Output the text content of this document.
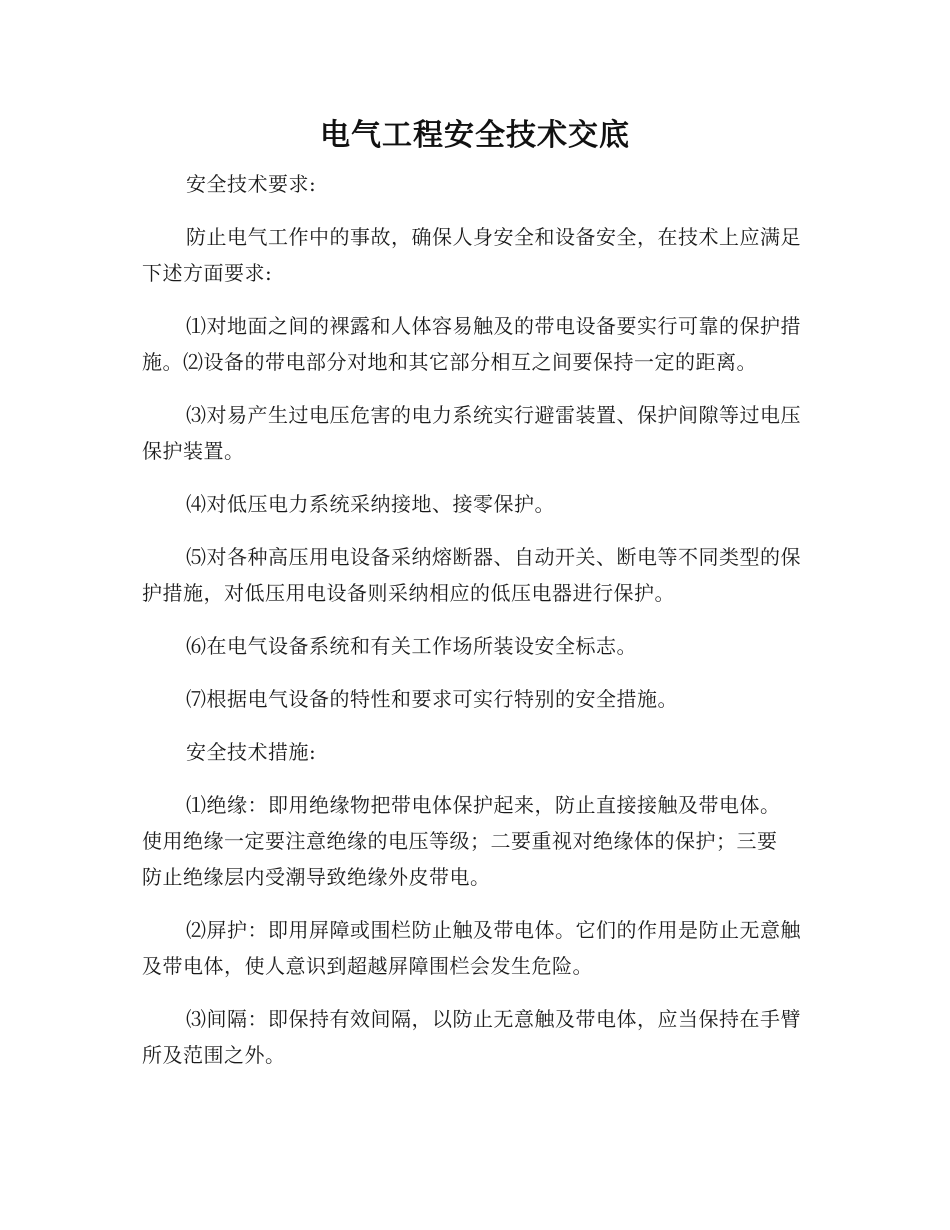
电气工程安全技术交底

安全技术要求:

防止电气工作中的事故，确保人身安全和设备安全，在技术上应满足下述方面要求:

⑴对地面之间的裸露和人体容易触及的带电设备要实行可靠的保护措施。⑵设备的带电部分对地和其它部分相互之间要保持一定的距离。

⑶对易产生过电压危害的电力系统实行避雷装置、保护间隙等过电压保护装置。

⑷对低压电力系统采纳接地、接零保护。

⑸对各种高压用电设备采纳熔断器、自动开关、断电等不同类型的保护措施，对低压用电设备则采纳相应的低压电器进行保护。

⑹在电气设备系统和有关工作场所装设安全标志。

⑺根据电气设备的特性和要求可实行特别的安全措施。

安全技术措施:

⑴绝缘：即用绝缘物把带电体保护起来，防止直接接触及带电体。使用绝缘一定要注意绝缘的电压等级；二要重视对绝缘体的保护；三要防止绝缘层内受潮导致绝缘外皮带电。

⑵屏护：即用屏障或围栏防止触及带电体。它们的作用是防止无意触及带电体，使人意识到超越屏障围栏会发生危险。

⑶间隔：即保持有效间隔，以防止无意触及带电体，应当保持在手臂所及范围之外。
